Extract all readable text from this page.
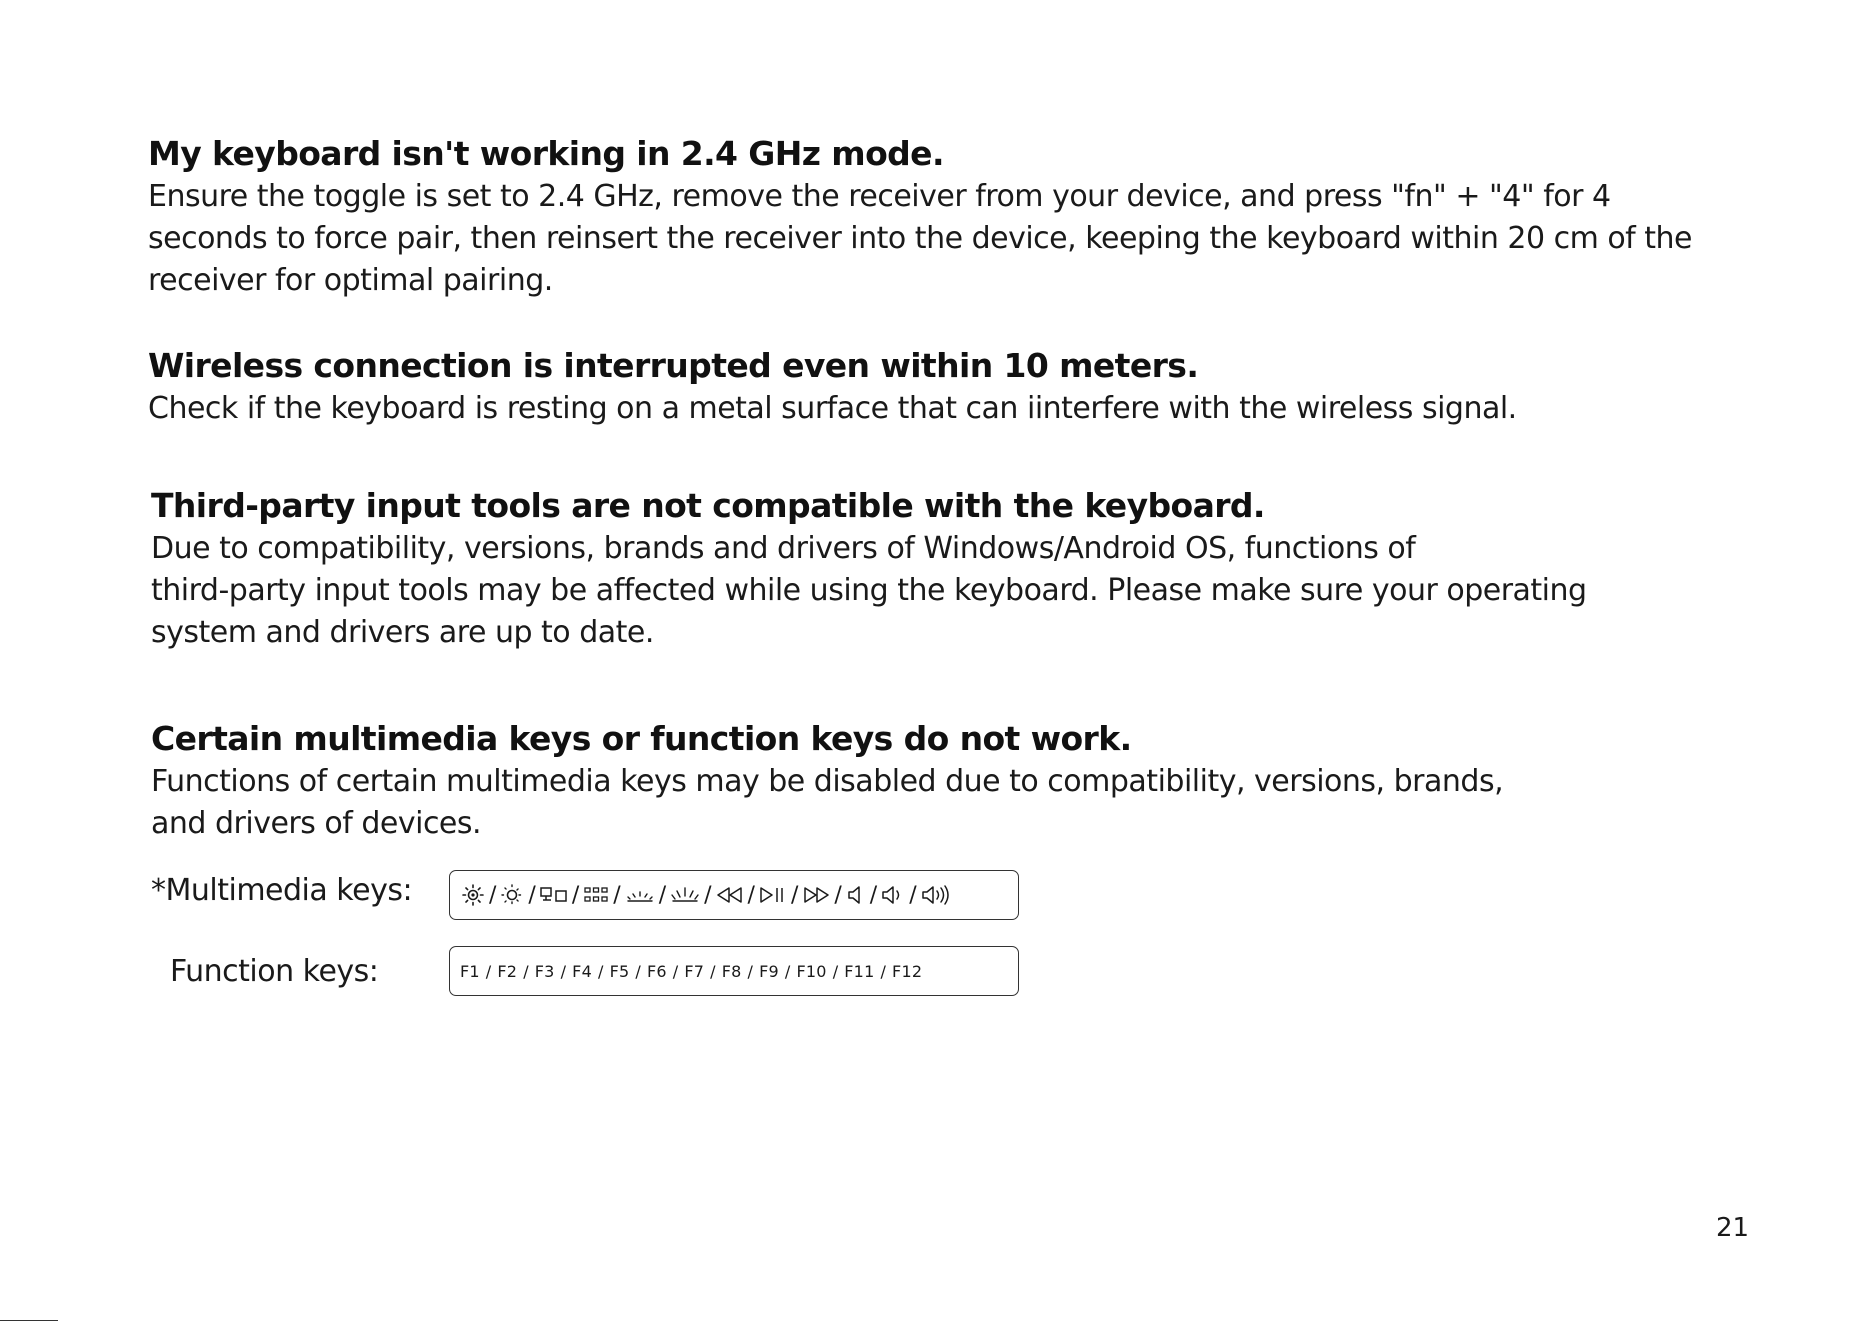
My keyboard isn't working in 2.4 GHz mode.

Ensure the toggle is set to 2.4 GHz, remove the receiver from your device, and press "fn" + "4" for 4

seconds to force pair, then reinsert the receiver into the device, keeping the keyboard within 20 cm of the

receiver for optimal pairing.

Wireless connection is interrupted even within 10 meters.

Check if the keyboard is resting on a metal surface that can iinterfere with the wireless signal.

Third-party input tools are not compatible with the keyboard.

Due to compatibility, versions, brands and drivers of Windows/Android OS, functions of

third-party input tools may be affected while using the keyboard. Please make sure your operating

system and drivers are up to date.

Certain multimedia keys or function keys do not work.

Functions of certain multimedia keys may be disabled due to compatibility, versions, brands,

and drivers of devices.

*Multimedia keys:	/ / / / / / / / / / /
Function keys:	F1 / F2 / F3 / F4 / F5 / F6 / F7 / F8 / F9 / F10 / F11 / F12
21
